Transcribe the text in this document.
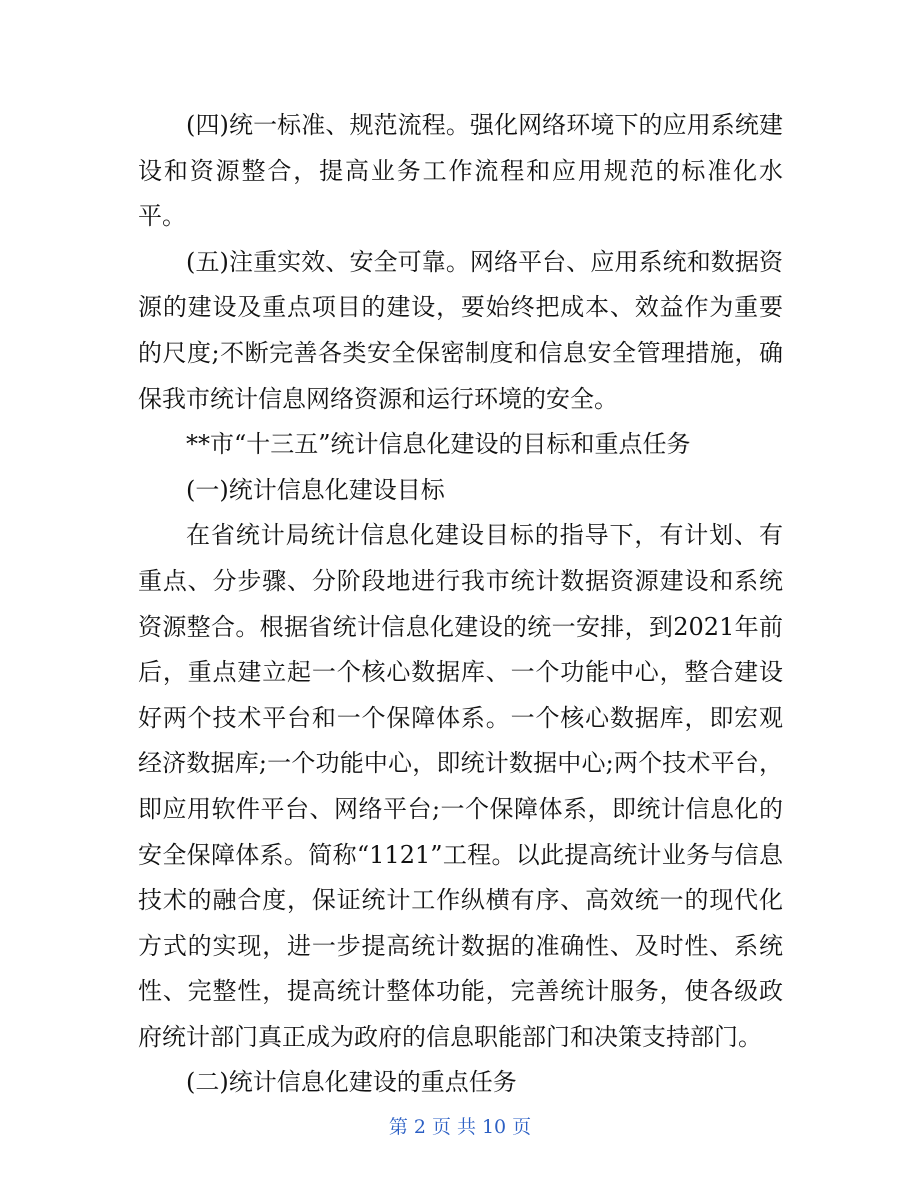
(四)统一标准、规范流程。强化网络环境下的应用系统建设和资源整合，提高业务工作流程和应用规范的标准化水平。

(五)注重实效、安全可靠。网络平台、应用系统和数据资源的建设及重点项目的建设，要始终把成本、效益作为重要的尺度;不断完善各类安全保密制度和信息安全管理措施，确保我市统计信息网络资源和运行环境的安全。

**市“十三五”统计信息化建设的目标和重点任务

(一)统计信息化建设目标

在省统计局统计信息化建设目标的指导下，有计划、有重点、分步骤、分阶段地进行我市统计数据资源建设和系统资源整合。根据省统计信息化建设的统一安排，到2021年前后，重点建立起一个核心数据库、一个功能中心，整合建设好两个技术平台和一个保障体系。一个核心数据库，即宏观经济数据库;一个功能中心，即统计数据中心;两个技术平台，即应用软件平台、网络平台;一个保障体系，即统计信息化的安全保障体系。简称“1121”工程。以此提高统计业务与信息技术的融合度，保证统计工作纵横有序、高效统一的现代化方式的实现，进一步提高统计数据的准确性、及时性、系统性、完整性，提高统计整体功能，完善统计服务，使各级政府统计部门真正成为政府的信息职能部门和决策支持部门。

(二)统计信息化建设的重点任务

第 2 页 共 10 页
